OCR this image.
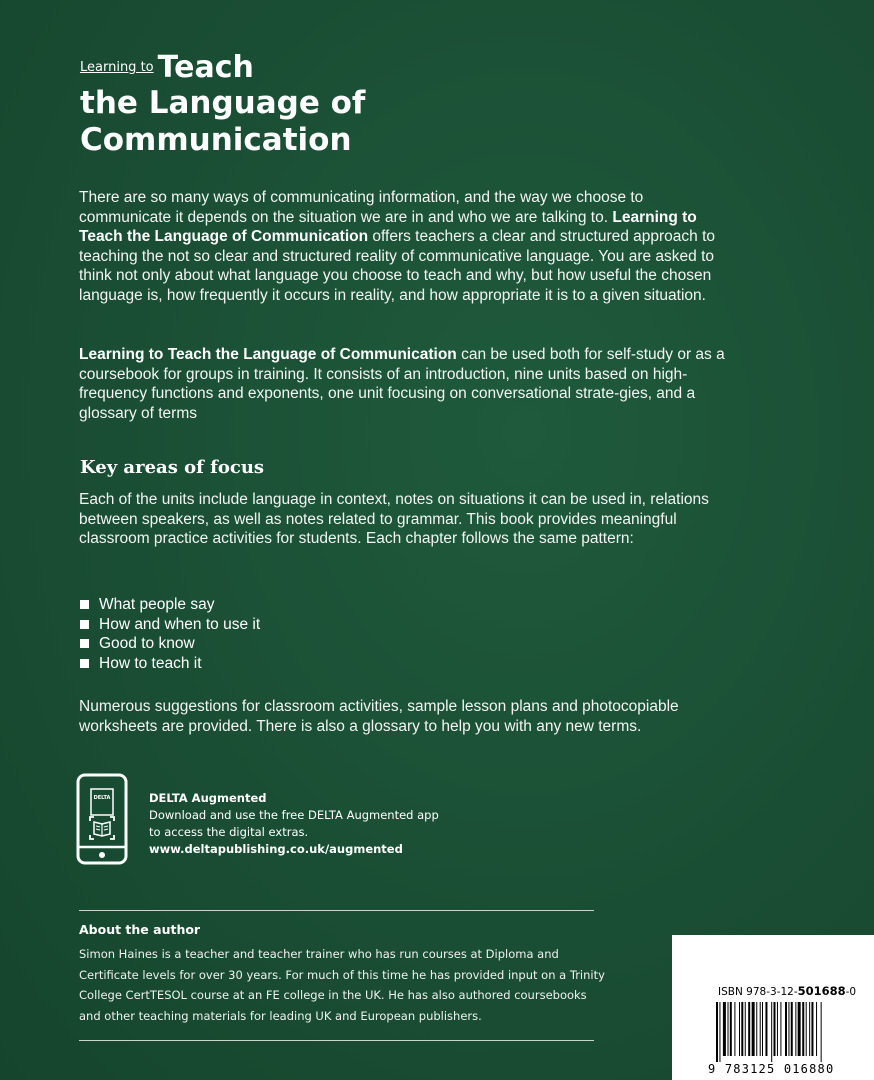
$^{Learning to}$ Teach
the Language of
Communication

There are so many ways of communicating information, and the way we choose to communicate it depends on the situation we are in and who we are talking to. Learning to Teach the Language of Communication offers teachers a clear and structured approach to teaching the not so clear and structured reality of communicative language. You are asked to think not only about what language you choose to teach and why, but how useful the chosen language is, how frequently it occurs in reality, and how appropriate it is to a given situation.

Learning to Teach the Language of Communication can be used both for self-study or as a coursebook for groups in training. It consists of an introduction, nine units based on high-frequency functions and exponents, one unit focusing on conversational strate-gies, and a glossary of terms

Key areas of focus

Each of the units include language in context, notes on situations it can be used in, relations between speakers, as well as notes related to grammar. This book provides meaningful classroom practice activities for students. Each chapter follows the same pattern:

What people say
How and when to use it
Good to know
How to teach it

Numerous suggestions for classroom activities, sample lesson plans and photocopiable worksheets are provided. There is also a glossary to help you with any new terms.

DELTA	DELTA Augmented
Download and use the free DELTA Augmented app
to access the digital extras.
www.deltapublishing.co.uk/augmented
About the author

Simon Haines is a teacher and teacher trainer who has run courses at Diploma and Certificate levels for over 30 years. For much of this time he has provided input on a Trinity College CertTESOL course at an FE college in the UK. He has also authored coursebooks and other teaching materials for leading UK and European publishers.

ISBN 978-3-12-501688-0
9 783125 016880
